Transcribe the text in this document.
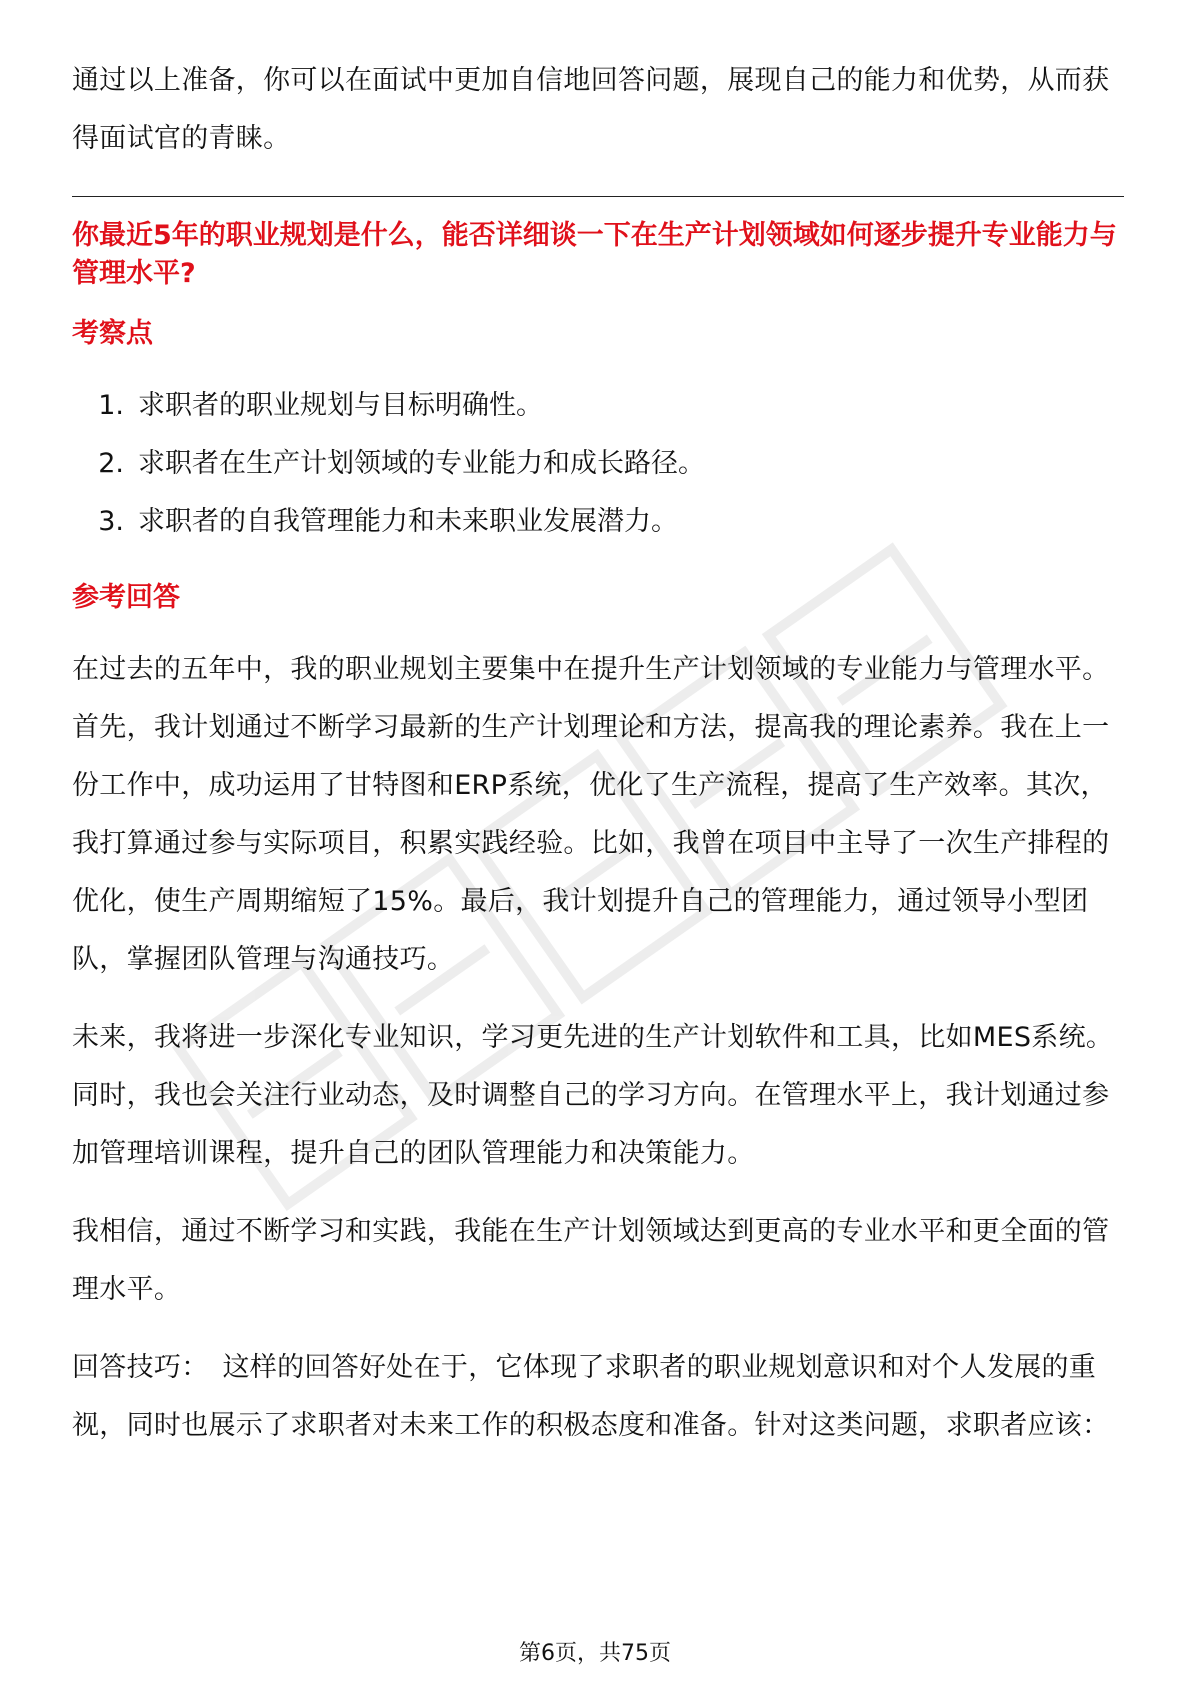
通过以上准备，你可以在面试中更加自信地回答问题，展现自己的能力和优势，从而获得面试官的青睐。

你最近5年的职业规划是什么，能否详细谈一下在生产计划领域如何逐步提升专业能力与管理水平?

考察点

1. 求职者的职业规划与目标明确性。
2. 求职者在生产计划领域的专业能力和成长路径。
3. 求职者的自我管理能力和未来职业发展潜力。

参考回答

在过去的五年中，我的职业规划主要集中在提升生产计划领域的专业能力与管理水平。首先，我计划通过不断学习最新的生产计划理论和方法，提高我的理论素养。我在上一份工作中，成功运用了甘特图和ERP系统，优化了生产流程，提高了生产效率。其次，我打算通过参与实际项目，积累实践经验。比如，我曾在项目中主导了一次生产排程的优化，使生产周期缩短了15%。最后，我计划提升自己的管理能力，通过领导小型团队，掌握团队管理与沟通技巧。

未来，我将进一步深化专业知识，学习更先进的生产计划软件和工具，比如MES系统。同时，我也会关注行业动态，及时调整自己的学习方向。在管理水平上，我计划通过参加管理培训课程，提升自己的团队管理能力和决策能力。

我相信，通过不断学习和实践，我能在生产计划领域达到更高的专业水平和更全面的管理水平。

回答技巧： 这样的回答好处在于，它体现了求职者的职业规划意识和对个人发展的重视，同时也展示了求职者对未来工作的积极态度和准备。针对这类问题，求职者应该：

第6页，共75页
